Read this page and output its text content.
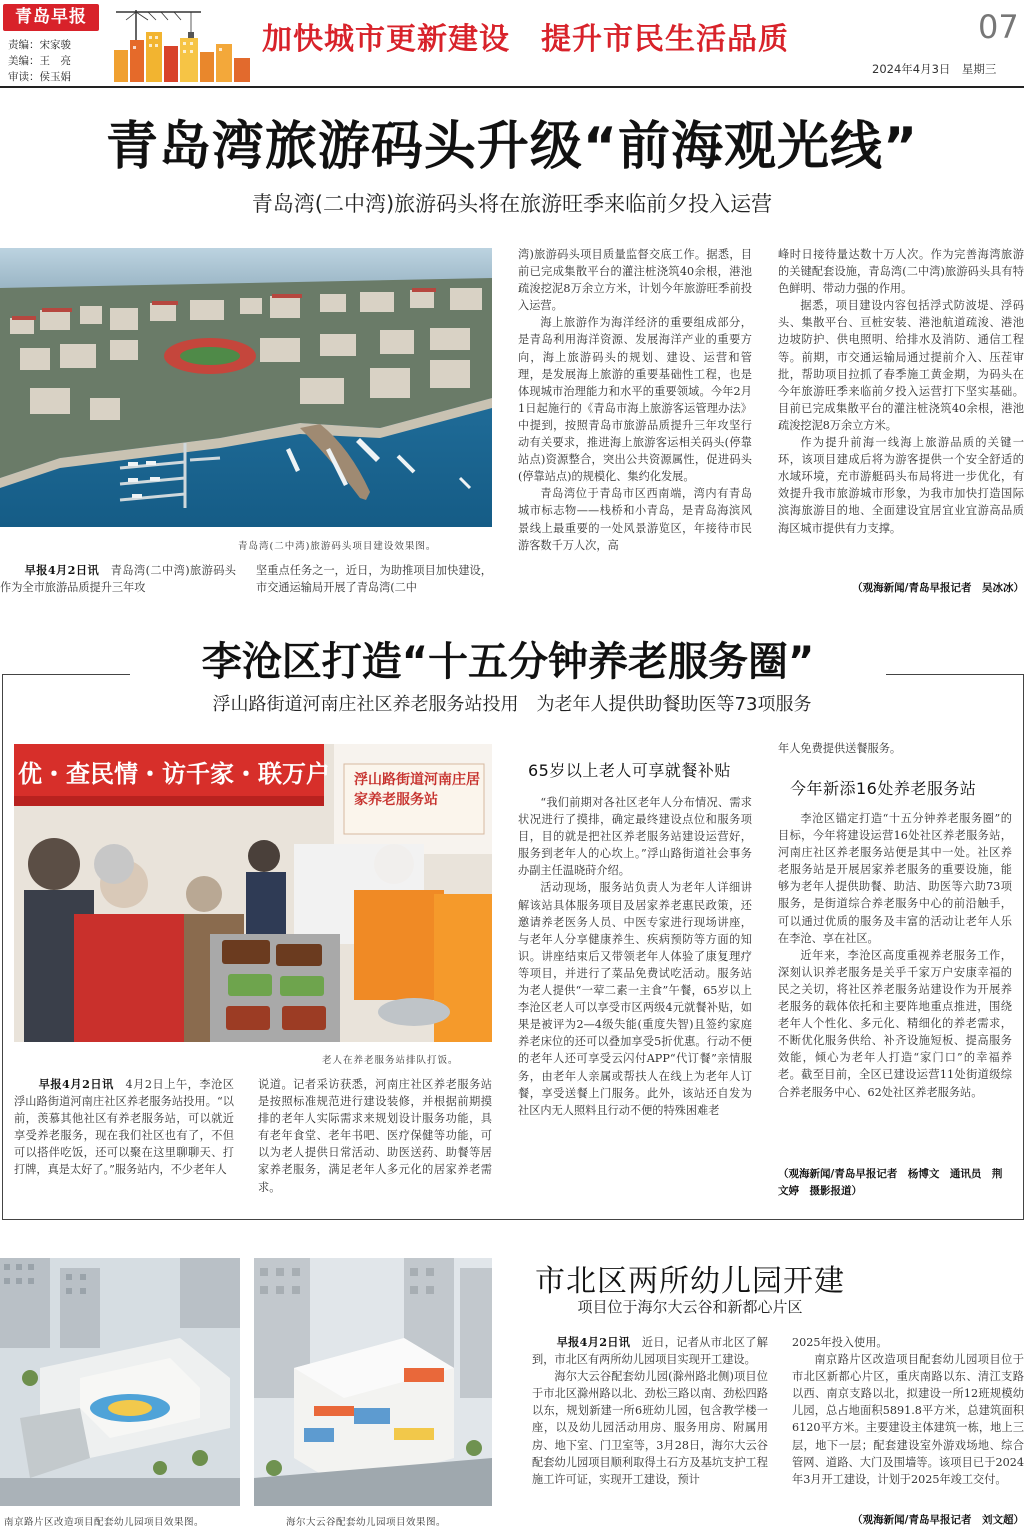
青岛早报
责编：宋家骏
美编：王　亮
审读：侯玉娟
加快城市更新建设　提升市民生活品质	07
2024年4月3日　星期三
青岛湾旅游码头升级“前海观光线”
青岛湾(二中湾)旅游码头将在旅游旺季来临前夕投入运营
青岛湾(二中湾)旅游码头项目建设效果图。

早报4月2日讯　 青岛湾(二中湾)旅游码头作为全市旅游品质提升三年攻

坚重点任务之一，近日，为助推项目加快建设，市交通运输局开展了青岛湾(二中

湾)旅游码头项目质量监督交底工作。据悉，目前已完成集散平台的灌注桩浇筑40余根，港池疏浚挖泥8万余立方米，计划今年旅游旺季前投入运营。

海上旅游作为海洋经济的重要组成部分，是青岛利用海洋资源、发展海洋产业的重要方向，海上旅游码头的规划、建设、运营和管理，是发展海上旅游的重要基础性工程，也是体现城市治理能力和水平的重要领域。今年2月1日起施行的《青岛市海上旅游客运管理办法》中提到，按照青岛市旅游品质提升三年攻坚行动有关要求，推进海上旅游客运相关码头(停靠站点)资源整合，突出公共资源属性，促进码头(停靠站点)的规模化、集约化发展。

青岛湾位于青岛市区西南端，湾内有青岛城市标志物——栈桥和小青岛，是青岛海滨风景线上最重要的一处风景游览区，年接待市民游客数千万人次，高

峰时日接待量达数十万人次。作为完善海湾旅游的关键配套设施，青岛湾(二中湾)旅游码头具有特色鲜明、带动力强的作用。

据悉，项目建设内容包括浮式防波堤、浮码头、集散平台、亘桩安装、港池航道疏浚、港池边坡防护、供电照明、给排水及消防、通信工程等。前期，市交通运输局通过提前介入、压茬审批，帮助项目拉抓了春季施工黄金期，为码头在今年旅游旺季来临前夕投入运营打下坚实基础。目前已完成集散平台的灌注桩浇筑40余根，港池疏浚挖泥8万余立方米。

作为提升前海一线海上旅游品质的关键一环，该项目建成后将为游客提供一个安全舒适的水域环境，充市游艇码头布局将进一步优化，有效提升我市旅游城市形象，为我市加快打造国际滨海旅游目的地、全面建设宜居宜业宜游高品质海区城市提供有力支撑。

（观海新闻/青岛早报记者　吴冰冰）
李沧区打造“十五分钟养老服务圈”
浮山路街道河南庄社区养老服务站投用　为老年人提供助餐助医等73项服务
优・查民情・访千家・联万户 浮山路街道河南庄居家养老服务站
老人在养老服务站排队打饭。

早报4月2日讯　 4月2日上午，李沧区浮山路街道河南庄社区养老服务站投用。“以前，羡慕其他社区有养老服务站，可以就近享受养老服务，现在我们社区也有了，不但可以搭伴吃饭，还可以聚在这里聊聊天、打打牌，真是太好了。”服务站内，不少老年人

说道。记者采访获悉，河南庄社区养老服务站是按照标准规范进行建设装修，并根据前期摸排的老年人实际需求来规划设计服务功能，具有老年食堂、老年书吧、医疗保健等功能，可以为老人提供日常活动、助医送药、助餐等居家养老服务，满足老年人多元化的居家养老需求。

65岁以上老人可享就餐补贴

“我们前期对各社区老年人分布情况、需求状况进行了摸排，确定最终建设点位和服务项目，目的就是把社区养老服务站建设运营好，服务到老年人的心坎上。”浮山路街道社会事务办副主任温晓莳介绍。

活动现场，服务站负责人为老年人详细讲解该站具体服务项目及居家养老惠民政策，还邀请养老医务人员、中医专家进行现场讲座，与老年人分享健康养生、疾病预防等方面的知识。讲座结束后又带领老年人体验了康复理疗等项目，并进行了菜品免费试吃活动。服务站为老人提供“一荤二素一主食”午餐，65岁以上李沧区老人可以享受市区两级4元就餐补贴，如果是被评为2—4级失能(重度失智)且签约家庭养老床位的还可以叠加享受5折优惠。行动不便的老年人还可享受云闪付APP“代订餐”亲情服务，由老年人亲属或帮扶人在线上为老年人订餐，享受送餐上门服务。此外，该站还自发为社区内无人照料且行动不便的特殊困难老

年人免费提供送餐服务。

今年新添16处养老服务站

李沧区锚定打造“十五分钟养老服务圈”的目标，今年将建设运营16处社区养老服务站，河南庄社区养老服务站便是其中一处。社区养老服务站是开展居家养老服务的重要设施，能够为老年人提供助餐、助洁、助医等六助73项服务，是街道综合养老服务中心的前沿触手，可以通过优质的服务及丰富的活动让老年人乐在李沧、享在社区。

近年来，李沧区高度重视养老服务工作，深刻认识养老服务是关乎千家万户安康幸福的民之关切，将社区养老服务站建设作为开展养老服务的载体依托和主要阵地重点推进，围绕老年人个性化、多元化、精细化的养老需求，不断优化服务供给、补齐设施短板、提高服务效能，倾心为老年人打造“家门口”的幸福养老。截至目前，全区已建设运营11处街道级综合养老服务中心、62处社区养老服务站。

（观海新闻/青岛早报记者　杨博文　通讯员　荆文婷　摄影报道）
南京路片区改造项目配套幼儿园项目效果图。	海尔大云谷配套幼儿园项目效果图。
市北区两所幼儿园开建
项目位于海尔大云谷和新都心片区

早报4月2日讯　 近日，记者从市北区了解到，市北区有两所幼儿园项目实现开工建设。

海尔大云谷配套幼儿园(滁州路北侧)项目位于市北区滁州路以北、劲松三路以南、劲松四路以东，规划新建一所6班幼儿园，包含教学楼一座，以及幼儿园活动用房、服务用房、附属用房、地下室、门卫室等，3月28日，海尔大云谷配套幼儿园项目顺利取得土石方及基坑支护工程施工许可证，实现开工建设，预计

2025年投入使用。

南京路片区改造项目配套幼儿园项目位于市北区新都心片区，重庆南路以东、清江支路以西、南京支路以北，拟建设一所12班规模幼儿园，总占地面积5891.8平方米，总建筑面积6120平方米。主要建设主体建筑一栋，地上三层，地下一层；配套建设室外游戏场地、综合管网、道路、大门及围墙等。该项目已于2024年3月开工建设，计划于2025年竣工交付。

（观海新闻/青岛早报记者　刘文超）
